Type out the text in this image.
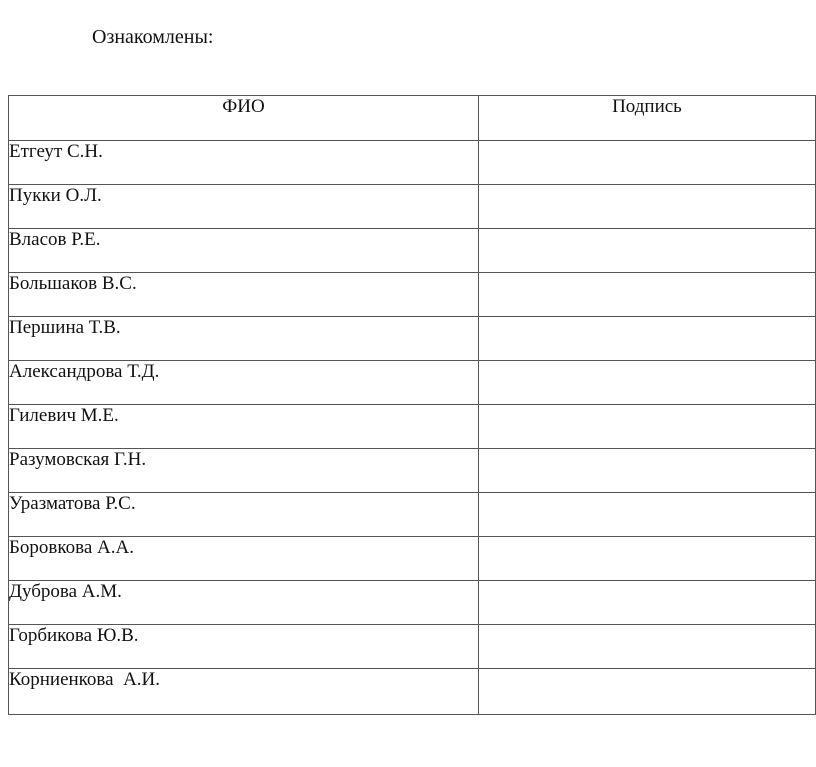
Ознакомлены:
ФИО	Подпись
Етгеут С.Н.	
Пукки О.Л.	
Власов Р.Е.	
Большаков В.С.	
Першина Т.В.	
Александрова Т.Д.	
Гилевич М.Е.	
Разумовская Г.Н.	
Уразматова Р.С.	
Боровкова А.А.	
Дуброва А.М.	
Горбикова Ю.В.	
Корниенкова  А.И.	
